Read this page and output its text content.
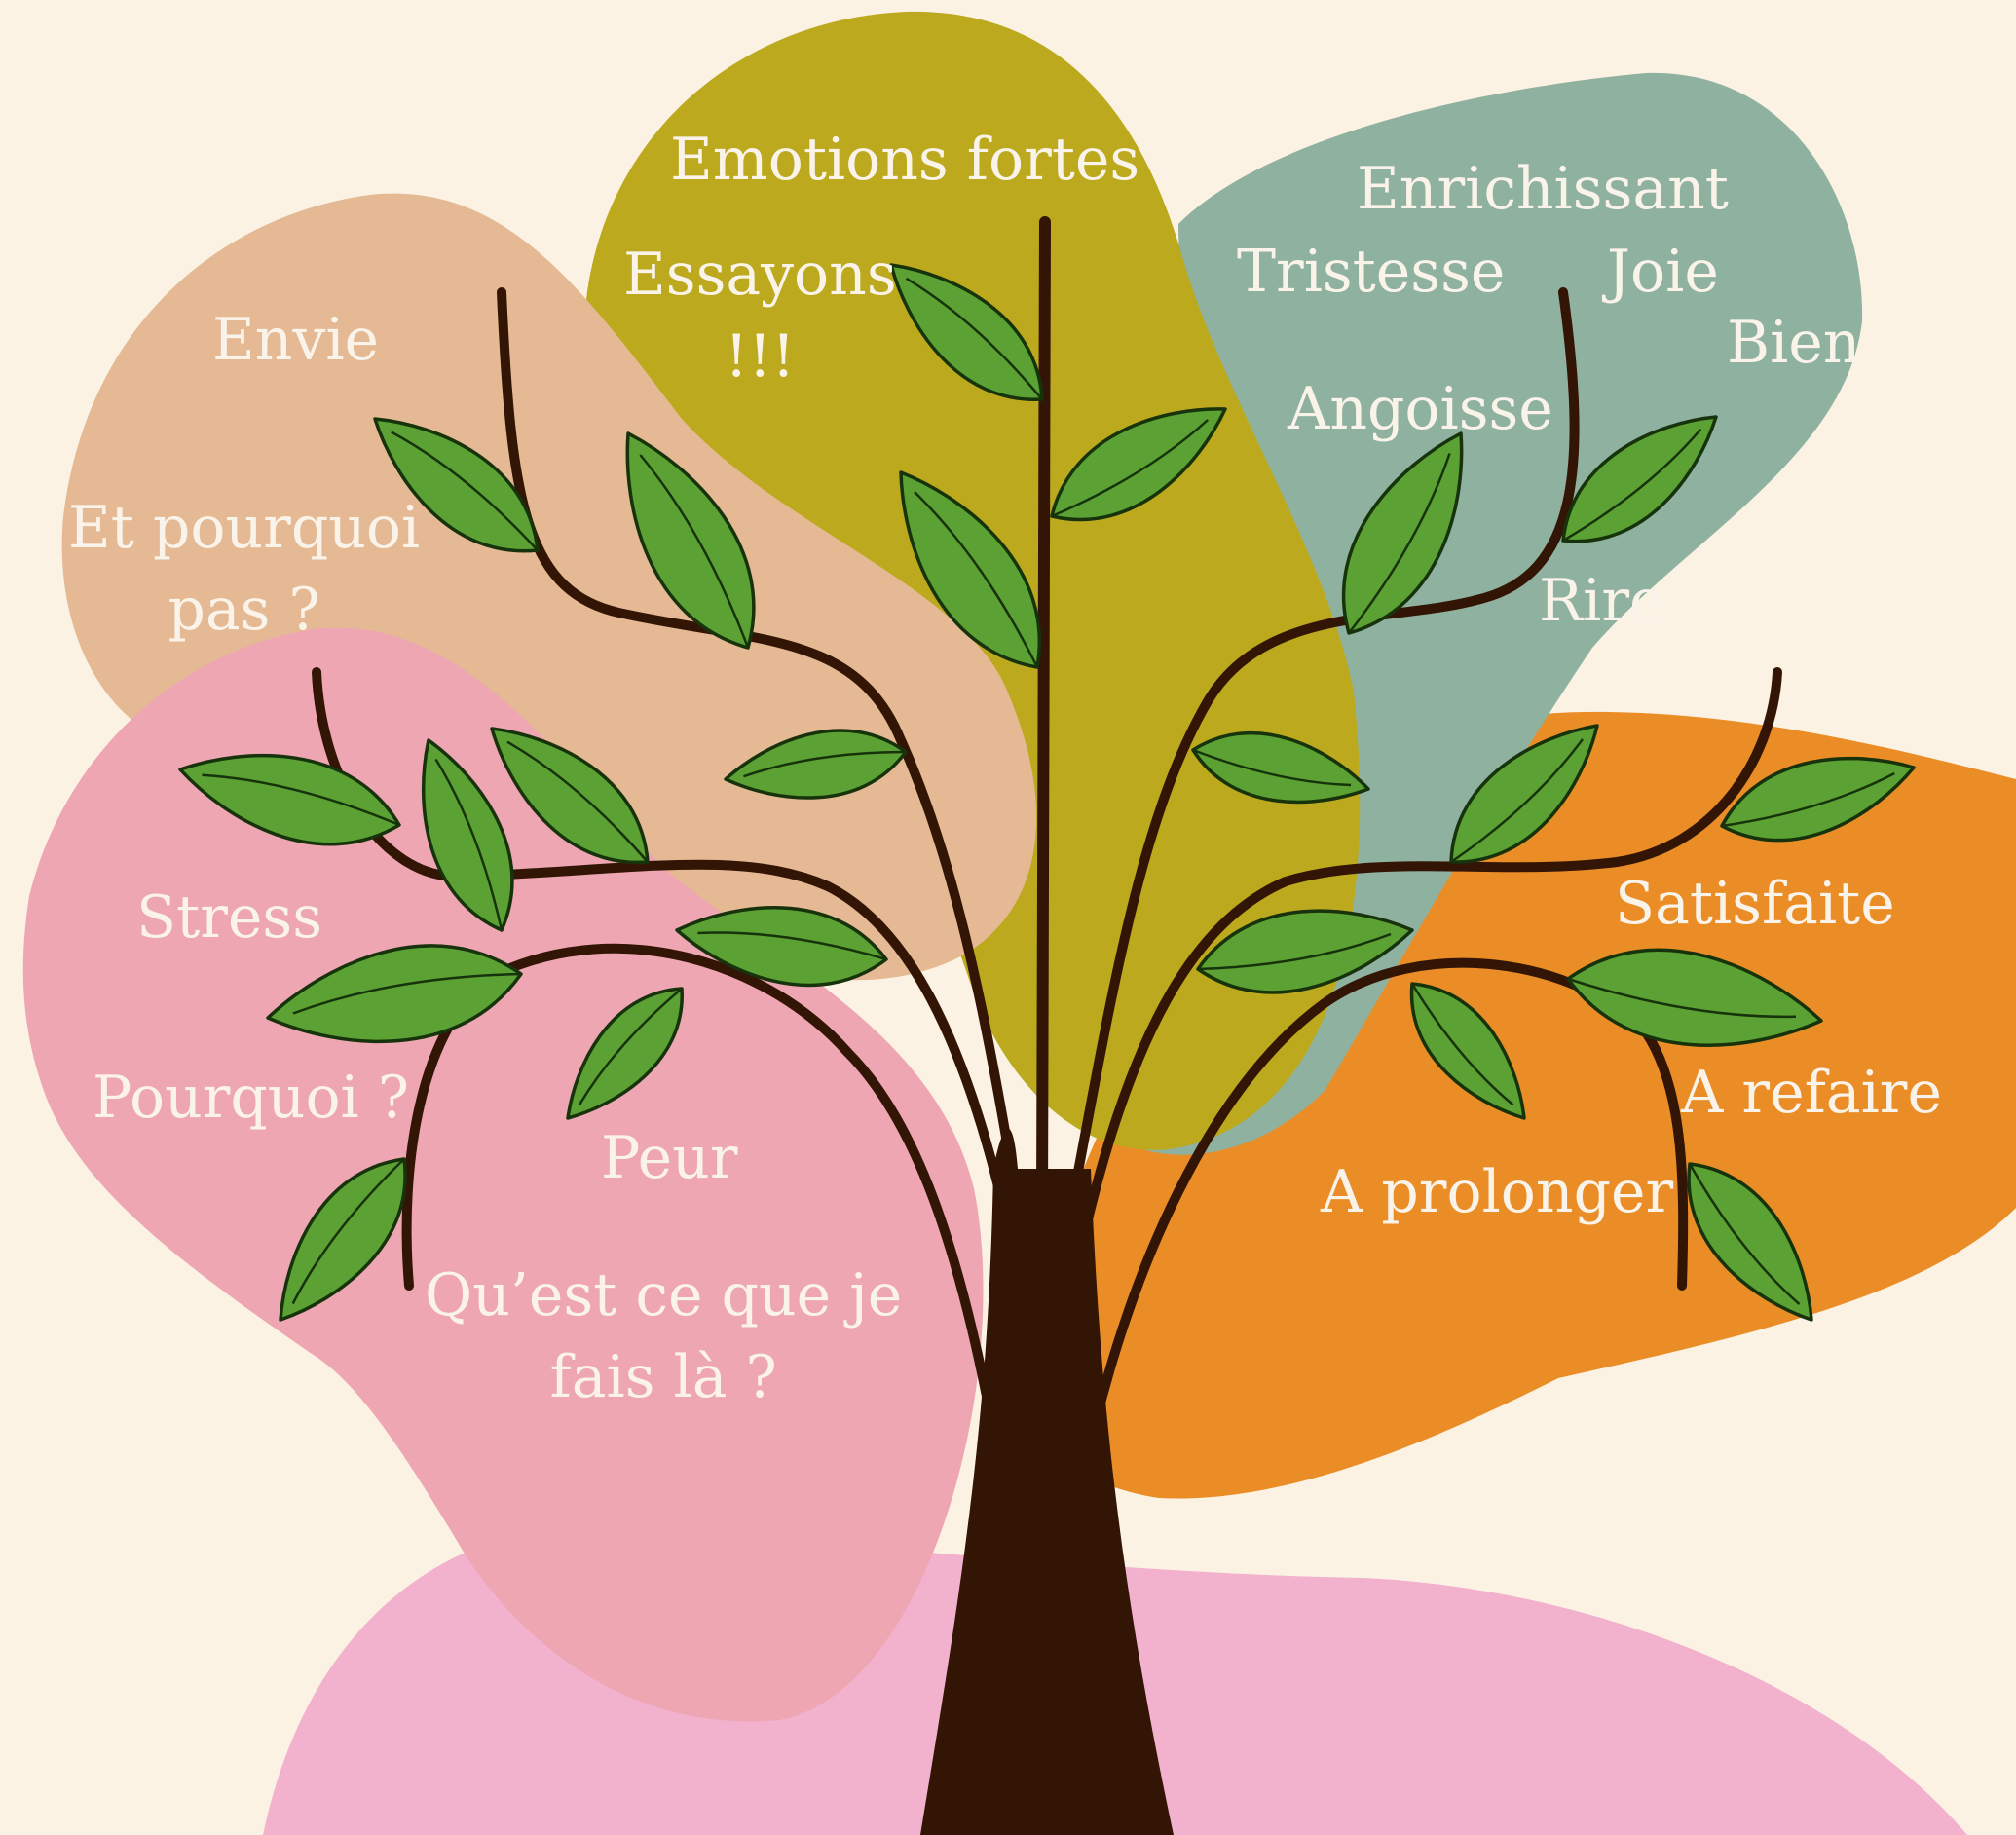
Emotions fortes
Essayons
!!!
Envie
Et pourquoi
pas ?
Enrichissant
Tristesse Joie
Bien
Angoisse
Rire
Stress
Pourquoi ?
Peur
Qu’est ce que je
fais là ?
Satisfaite
A refaire
A prolonger
